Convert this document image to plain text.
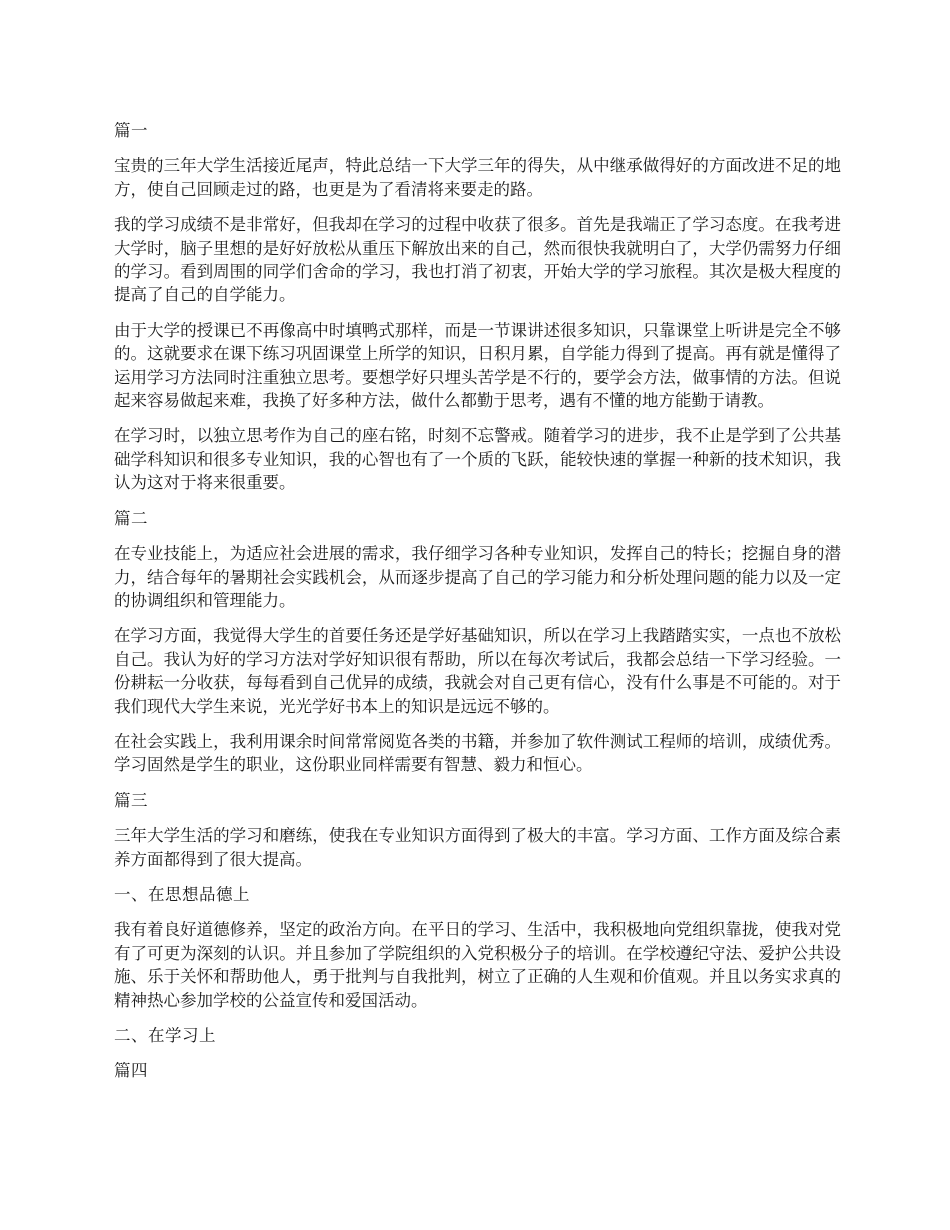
篇一
宝贵的三年大学生活接近尾声，特此总结一下大学三年的得失，从中继承做得好的方面改进不足的地方，使自己回顾走过的路，也更是为了看清将来要走的路。
我的学习成绩不是非常好，但我却在学习的过程中收获了很多。首先是我端正了学习态度。在我考进大学时，脑子里想的是好好放松从重压下解放出来的自己，然而很快我就明白了，大学仍需努力仔细的学习。看到周围的同学们舍命的学习，我也打消了初衷，开始大学的学习旅程。其次是极大程度的提高了自己的自学能力。
由于大学的授课已不再像高中时填鸭式那样，而是一节课讲述很多知识，只靠课堂上听讲是完全不够的。这就要求在课下练习巩固课堂上所学的知识，日积月累，自学能力得到了提高。再有就是懂得了运用学习方法同时注重独立思考。要想学好只埋头苦学是不行的，要学会方法，做事情的方法。但说起来容易做起来难，我换了好多种方法，做什么都勤于思考，遇有不懂的地方能勤于请教。
在学习时，以独立思考作为自己的座右铭，时刻不忘警戒。随着学习的进步，我不止是学到了公共基础学科知识和很多专业知识，我的心智也有了一个质的飞跃，能较快速的掌握一种新的技术知识，我认为这对于将来很重要。
篇二
在专业技能上，为适应社会进展的需求，我仔细学习各种专业知识，发挥自己的特长；挖掘自身的潜力，结合每年的暑期社会实践机会，从而逐步提高了自己的学习能力和分析处理问题的能力以及一定的协调组织和管理能力。
在学习方面，我觉得大学生的首要任务还是学好基础知识，所以在学习上我踏踏实实，一点也不放松自己。我认为好的学习方法对学好知识很有帮助，所以在每次考试后，我都会总结一下学习经验。一份耕耘一分收获，每每看到自己优异的成绩，我就会对自己更有信心，没有什么事是不可能的。对于我们现代大学生来说，光光学好书本上的知识是远远不够的。
在社会实践上，我利用课余时间常常阅览各类的书籍，并参加了软件测试工程师的培训，成绩优秀。学习固然是学生的职业，这份职业同样需要有智慧、毅力和恒心。
篇三
三年大学生活的学习和磨练，使我在专业知识方面得到了极大的丰富。学习方面、工作方面及综合素养方面都得到了很大提高。
一、在思想品德上
我有着良好道德修养，坚定的政治方向。在平日的学习、生活中，我积极地向党组织靠拢，使我对党有了可更为深刻的认识。并且参加了学院组织的入党积极分子的培训。在学校遵纪守法、爱护公共设施、乐于关怀和帮助他人，勇于批判与自我批判，树立了正确的人生观和价值观。并且以务实求真的精神热心参加学校的公益宣传和爱国活动。
二、在学习上
篇四
